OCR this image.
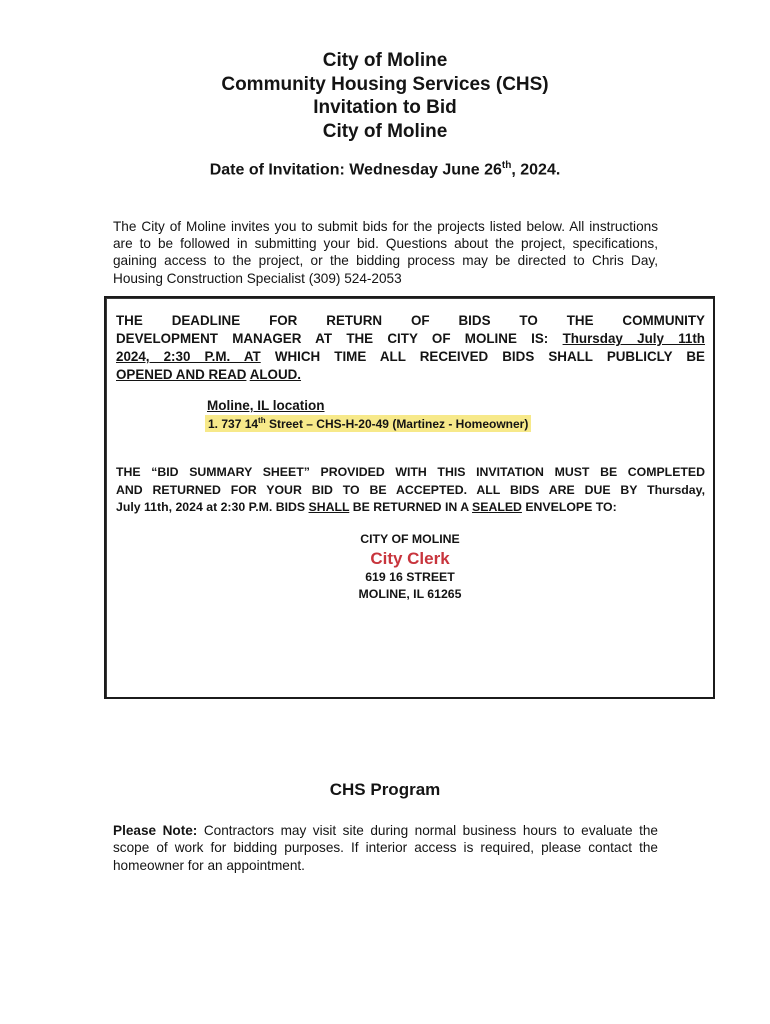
City of Moline
Community Housing Services (CHS)
Invitation to Bid
City of Moline
Date of Invitation: Wednesday June 26th, 2024.
The City of Moline invites you to submit bids for the projects listed below. All instructions are to be followed in submitting your bid. Questions about the project, specifications, gaining access to the project, or the bidding process may be directed to Chris Day, Housing Construction Specialist (309) 524-2053
THE DEADLINE FOR RETURN OF BIDS TO THE COMMUNITY
DEVELOPMENT MANAGER AT THE CITY OF MOLINE IS: Thursday July 11th
2024, 2:30 P.M. AT WHICH TIME ALL RECEIVED BIDS SHALL PUBLICLY BE
OPENED AND READ ALOUD.
Moline, IL location
1. 737 14th Street – CHS-H-20-49 (Martinez - Homeowner)
THE “BID SUMMARY SHEET” PROVIDED WITH THIS INVITATION MUST BE COMPLETED
AND RETURNED FOR YOUR BID TO BE ACCEPTED. ALL BIDS ARE DUE BY Thursday,
July 11th, 2024 at 2:30 P.M. BIDS SHALL BE RETURNED IN A SEALED ENVELOPE TO:
CITY OF MOLINE
City Clerk
619 16 STREET
MOLINE, IL 61265
CHS Program
Please Note: Contractors may visit site during normal business hours to evaluate the scope of work for bidding purposes. If interior access is required, please contact the homeowner for an appointment.
